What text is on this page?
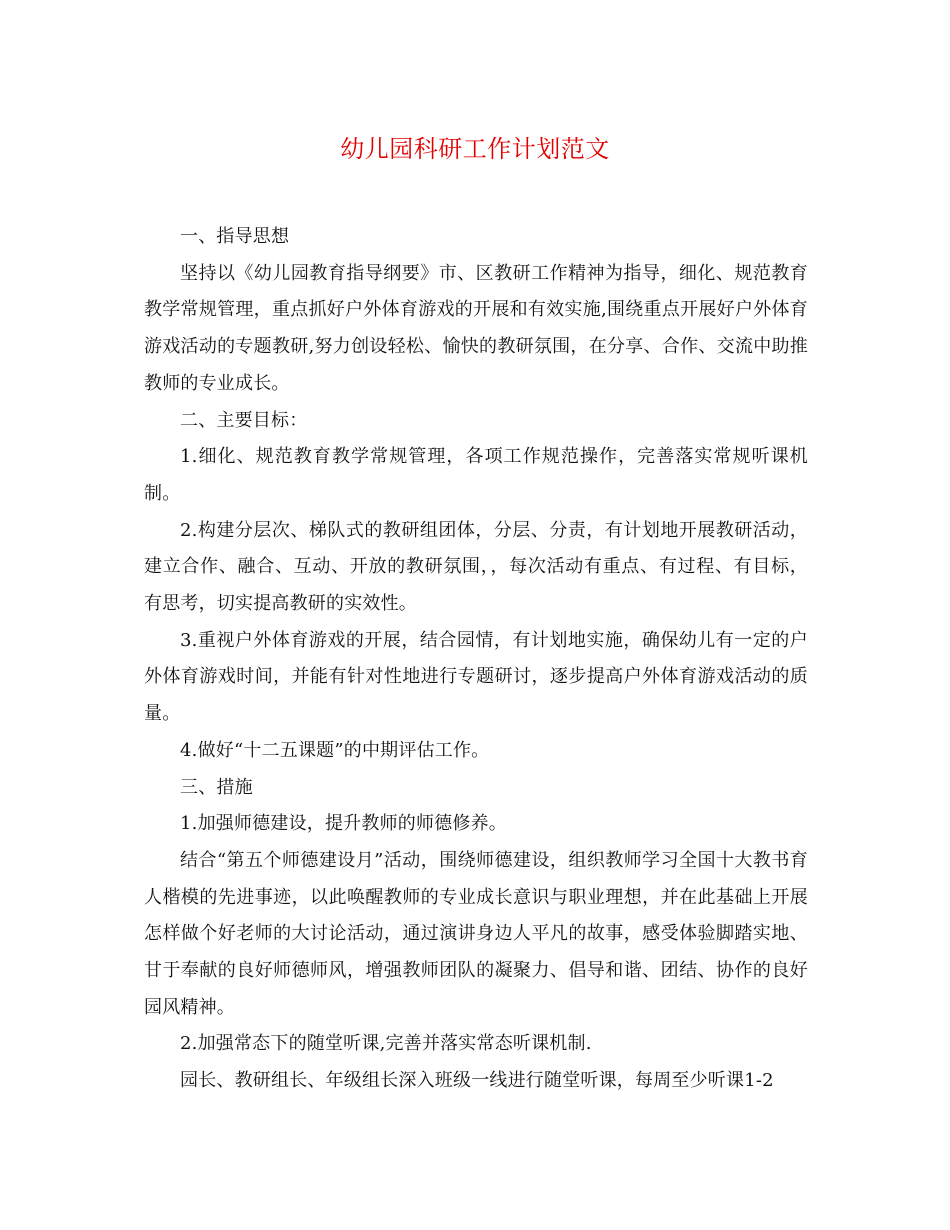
幼儿园科研工作计划范文

一、指导思想

坚持以《幼儿园教育指导纲要》市、区教研工作精神为指导，细化、规范教育教学常规管理，重点抓好户外体育游戏的开展和有效实施,围绕重点开展好户外体育游戏活动的专题教研,努力创设轻松、愉快的教研氛围，在分享、合作、交流中助推教师的专业成长。

二、主要目标：

1.细化、规范教育教学常规管理，各项工作规范操作，完善落实常规听课机制。

2.构建分层次、梯队式的教研组团体，分层、分责，有计划地开展教研活动，建立合作、融合、互动、开放的教研氛围，，每次活动有重点、有过程、有目标，有思考，切实提高教研的实效性。

3.重视户外体育游戏的开展，结合园情，有计划地实施，确保幼儿有一定的户外体育游戏时间，并能有针对性地进行专题研讨，逐步提高户外体育游戏活动的质量。

4.做好“十二五课题”的中期评估工作。

三、措施

1.加强师德建设，提升教师的师德修养。

结合“第五个师德建设月”活动，围绕师德建设，组织教师学习全国十大教书育人楷模的先进事迹，以此唤醒教师的专业成长意识与职业理想，并在此基础上开展怎样做个好老师的大讨论活动，通过演讲身边人平凡的故事，感受体验脚踏实地、甘于奉献的良好师德师风，增强教师团队的凝聚力、倡导和谐、团结、协作的良好园风精神。

2.加强常态下的随堂听课,完善并落实常态听课机制.

园长、教研组长、年级组长深入班级一线进行随堂听课，每周至少听课1-2
